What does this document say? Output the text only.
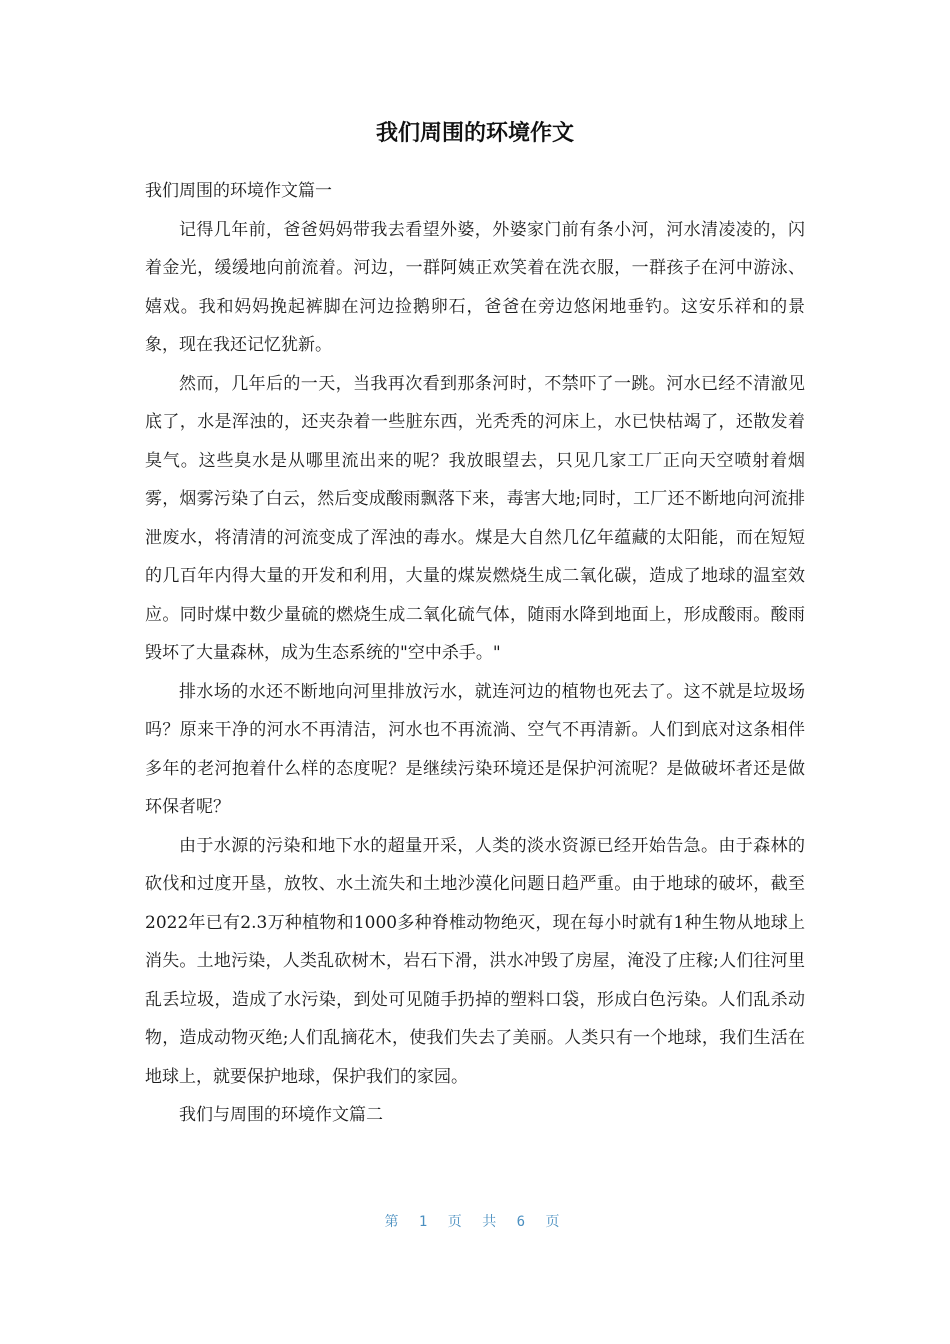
我们周围的环境作文

我们周围的环境作文篇一

记得几年前，爸爸妈妈带我去看望外婆，外婆家门前有条小河，河水清凌凌的，闪着金光，缓缓地向前流着。河边，一群阿姨正欢笑着在洗衣服，一群孩子在河中游泳、嬉戏。我和妈妈挽起裤脚在河边捡鹅卵石，爸爸在旁边悠闲地垂钓。这安乐祥和的景象，现在我还记忆犹新。

然而，几年后的一天，当我再次看到那条河时，不禁吓了一跳。河水已经不清澈见底了，水是浑浊的，还夹杂着一些脏东西，光秃秃的河床上，水已快枯竭了，还散发着臭气。这些臭水是从哪里流出来的呢？我放眼望去，只见几家工厂正向天空喷射着烟雾，烟雾污染了白云，然后变成酸雨飘落下来，毒害大地;同时，工厂还不断地向河流排泄废水，将清清的河流变成了浑浊的毒水。煤是大自然几亿年蕴藏的太阳能，而在短短的几百年内得大量的开发和利用，大量的煤炭燃烧生成二氧化碳，造成了地球的温室效应。同时煤中数少量硫的燃烧生成二氧化硫气体，随雨水降到地面上，形成酸雨。酸雨毁坏了大量森林，成为生态系统的"空中杀手。"

排水场的水还不断地向河里排放污水，就连河边的植物也死去了。这不就是垃圾场吗？原来干净的河水不再清洁，河水也不再流淌、空气不再清新。人们到底对这条相伴多年的老河抱着什么样的态度呢？是继续污染环境还是保护河流呢？是做破坏者还是做环保者呢？

由于水源的污染和地下水的超量开采，人类的淡水资源已经开始告急。由于森林的砍伐和过度开垦，放牧、水土流失和土地沙漠化问题日趋严重。由于地球的破坏，截至2022年已有2.3万种植物和1000多种脊椎动物绝灭，现在每小时就有1种生物从地球上消失。土地污染，人类乱砍树木，岩石下滑，洪水冲毁了房屋，淹没了庄稼;人们往河里乱丢垃圾，造成了水污染，到处可见随手扔掉的塑料口袋，形成白色污染。人们乱杀动物，造成动物灭绝;人们乱摘花木，使我们失去了美丽。人类只有一个地球，我们生活在地球上，就要保护地球，保护我们的家园。

我们与周围的环境作文篇二

第 1 页 共 6 页
